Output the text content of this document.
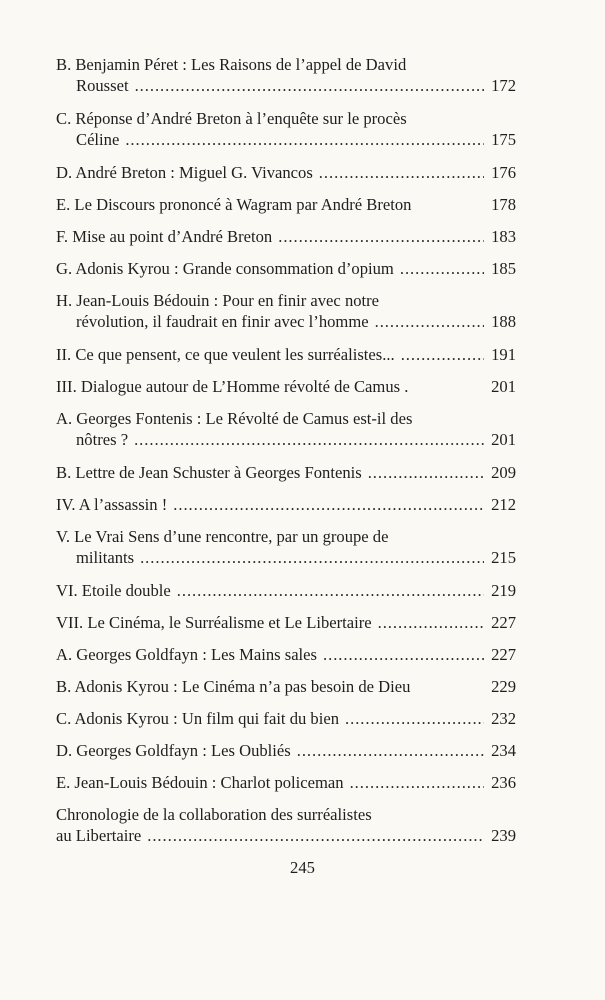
B. Benjamin Péret : Les Raisons de l’appel de David
Rousset . . .	172
C. Réponse d’André Breton à l’enquête sur le procès
Céline . . .	175
D. André Breton : Miguel G. Vivancos . . .	176
E. Le Discours prononcé à Wagram par André Breton	178
F. Mise au point d’André Breton . . .	183
G. Adonis Kyrou : Grande consommation d’opium . . .	185
H. Jean-Louis Bédouin : Pour en finir avec notre
révolution, il faudrait en finir avec l’homme . . .	188
II. Ce que pensent, ce que veulent les surréalistes... . . .	191
III. Dialogue autour de L’Homme révolté de Camus .	201
A. Georges Fontenis : Le Révolté de Camus est-il des
nôtres ? . . .	201
B. Lettre de Jean Schuster à Georges Fontenis . . .	209
IV. A l’assassin ! . . .	212
V. Le Vrai Sens d’une rencontre, par un groupe de
militants . . .	215
VI. Etoile double . . .	219
VII. Le Cinéma, le Surréalisme et Le Libertaire . . .	227
A. Georges Goldfayn : Les Mains sales . . .	227
B. Adonis Kyrou : Le Cinéma n’a pas besoin de Dieu	229
C. Adonis Kyrou : Un film qui fait du bien . . .	232
D. Georges Goldfayn : Les Oubliés . . .	234
E. Jean-Louis Bédouin : Charlot policeman . . .	236
Chronologie de la collaboration des surréalistes
au Libertaire . . .	239
245
